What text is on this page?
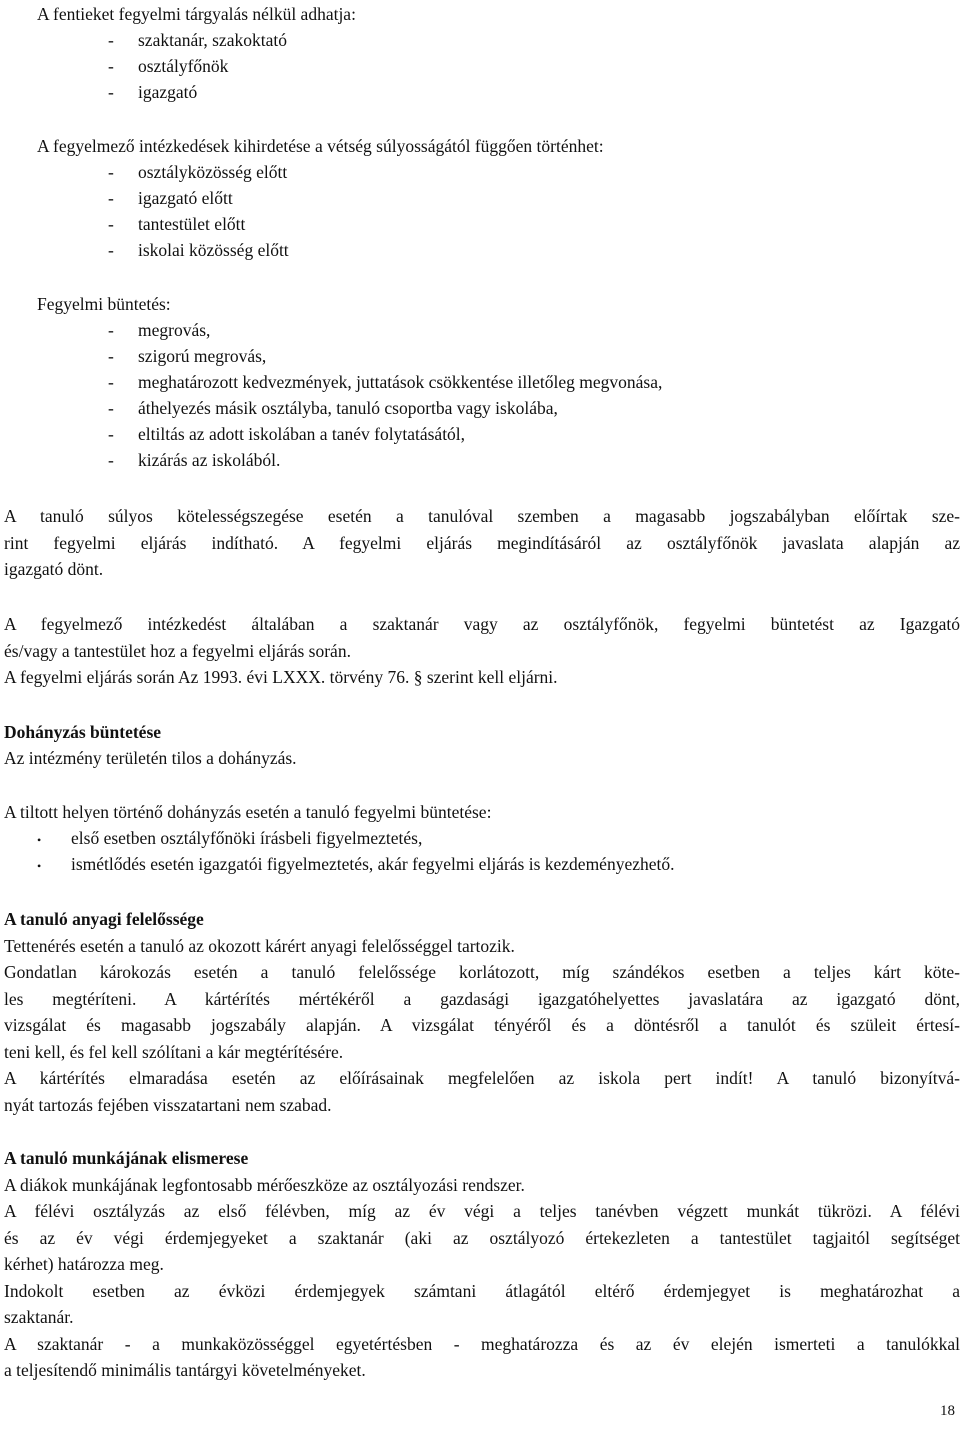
A fentieket fegyelmi tárgyalás nélkül adhatja:
- szaktanár, szakoktató
- osztályfőnök
- igazgató
A fegyelmező intézkedések kihirdetése a vétség súlyosságától függően történhet:
- osztályközösség előtt
- igazgató előtt
- tantestület előtt
- iskolai közösség előtt
Fegyelmi büntetés:
- megrovás,
- szigorú megrovás,
- meghatározott kedvezmények, juttatások csökkentése illetőleg megvonása,
- áthelyezés másik osztályba, tanuló csoportba vagy iskolába,
- eltiltás az adott iskolában a tanév folytatásától,
- kizárás az iskolából.
A tanuló súlyos kötelességszegése esetén a tanulóval szemben a magasabb jogszabályban előírtak sze-
rint fegyelmi eljárás indítható. A fegyelmi eljárás megindításáról az osztályfőnök javaslata alapján az
igazgató dönt.
A fegyelmező intézkedést általában a szaktanár vagy az osztályfőnök, fegyelmi büntetést az Igazgató
és/vagy a tantestület hoz a fegyelmi eljárás során.
A fegyelmi eljárás során Az 1993. évi LXXX. törvény 76. § szerint kell eljárni.
Dohányzás büntetése
Az intézmény területén tilos a dohányzás.
A tiltott helyen történő dohányzás esetén a tanuló fegyelmi büntetése:
• első esetben osztályfőnöki írásbeli figyelmeztetés,
• ismétlődés esetén igazgatói figyelmeztetés, akár fegyelmi eljárás is kezdeményezhető.
A tanuló anyagi felelőssége
Tettenérés esetén a tanuló az okozott kárért anyagi felelősséggel tartozik.
Gondatlan károkozás esetén a tanuló felelőssége korlátozott, míg szándékos esetben a teljes kárt köte-
les megtéríteni. A kártérítés mértékéről a gazdasági igazgatóhelyettes javaslatára az igazgató dönt,
vizsgálat és magasabb jogszabály alapján. A vizsgálat tényéről és a döntésről a tanulót és szüleit értesí-
teni kell, és fel kell szólítani a kár megtérítésére.
A kártérítés elmaradása esetén az előírásainak megfelelően az iskola pert indít! A tanuló bizonyítvá-
nyát tartozás fejében visszatartani nem szabad.
A tanuló munkájának elismerese
A diákok munkájának legfontosabb mérőeszköze az osztályozási rendszer.
A félévi osztályzás az első félévben, míg az év végi a teljes tanévben végzett munkát tükrözi. A félévi
és az év végi érdemjegyeket a szaktanár (aki az osztályozó értekezleten a tantestület tagjaitól segítséget
kérhet) határozza meg.
Indokolt esetben az évközi érdemjegyek számtani átlagától eltérő érdemjegyet is meghatározhat a
szaktanár.
A szaktanár - a munkaközösséggel egyetértésben - meghatározza és az év elején ismerteti a tanulókkal
a teljesítendő minimális tantárgyi követelményeket.
18
